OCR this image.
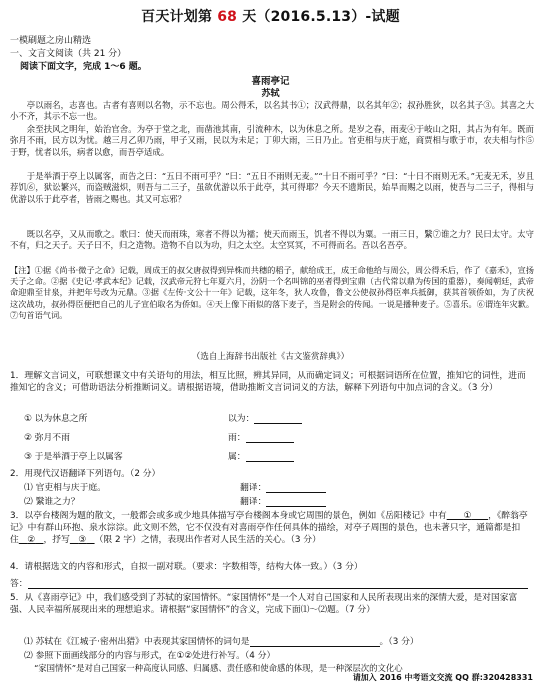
百天计划第 68 天（2016.5.13）-试题
一模刷题之房山精选
一、文言文阅读（共 21 分）
阅读下面文字，完成 1～6 题。
喜雨亭记
苏轼
亭以雨名，志喜也。古者有喜则以名物，示不忘也。周公得禾，以名其书①；汉武得鼎，以名其年②；叔孙胜狄，以名其子③。其喜之大小不齐，其示不忘一也。
余至扶风之明年，始治官舍。为亭于堂之北，而凿池其南，引流种木，以为休息之所。是岁之春，雨麦④于岐山之阳，其占为有年。既而弥月不雨，民方以为忧。越三月乙卯乃雨，甲子又雨，民以为未足；丁卯大雨，三日乃止。官吏相与庆于庭，商贾相与歌于市，农夫相与忭⑤于野，忧者以乐，病者以愈，而吾亭适成。
于是举酒于亭上以属客，而告之曰：“五日不雨可乎？”曰：“五日不雨则无麦。”“十日不雨可乎？”曰：“十日不雨则无禾。”无麦无禾，岁且荐饥⑥，狱讼繁兴，而盗贼滋炽，则吾与二三子，虽欲优游以乐于此亭，其可得耶？今天不遗斯民，始旱而赐之以雨，使吾与二三子，得相与优游以乐于此亭者，皆雨之赐也。其又可忘邪？
既以名亭，又从而歌之。歌曰：使天而雨珠，寒者不得以为襦；使天而雨玉，饥者不得以为粟。一雨三日，繄⑦谁之力？民曰太守。太守不有，归之天子。天子曰不，归之造物。造物不自以为功，归之太空。太空冥冥，不可得而名。吾以名吾亭。
【注】①据《尚书·微子之命》记载，周成王的叔父唐叔得到异株而共穗的稻子，献给成王，成王命他给与周公，周公得禾后，作了《嘉禾》，宣扬天子之命。②据《史记·孝武本纪》记载，汉武帝元狩七年夏六月，汾阴一个名叫锦的巫者得到宝鼎（古代常以鼎为传国的重器），奏闻朝廷，武帝命迎鼎至甘泉，并把年号改为元鼎。③据《左传·文公十一年》记载，这年冬，狄人攻鲁，鲁文公使叔孙得臣率兵抵御，获其首领侨如，为了庆祝这次战功，叔孙得臣便把自己的儿子宣伯取名为侨如。④天上像下雨似的落下麦子，当是附会的传闻。一说是播种麦子。⑤喜乐。⑥谓连年灾歉。⑦句首语气词。
（选自上海辞书出版社《古文鉴赏辞典》）
1．理解文言词义，可联想课文中有关语句的用法，相互比照，辨其异同，从而确定词义；可根据词语所在位置，推知它的词性，进而推知它的含义；可借助语法分析推断词义。请根据语境，借助推断文言词词义的方法，解释下列语句中加点词的含义。（3 分）
① 以为休息之所	以为：
② 弥月不雨	雨：
③ 于是举酒于亭上以属客	属：
2．用现代汉语翻译下列语句。（2 分）
⑴ 官吏相与庆于庭。	翻译：
⑵ 繄谁之力？	翻译：
3．以亭台楼阁为题的散文，一般都会或多或少地具体描写亭台楼阁本身或它周围的景色，例如《岳阳楼记》中有 ① ，《醉翁亭记》中有群山环抱、泉水淙淙。此文则不然，它不仅没有对喜雨亭作任何具体的描绘，对亭子周围的景色，也未著只字，通篇都是扣住 ② ，抒写 ③ （限 2 字）之情，表现出作者对人民生活的关心。（3 分）
4．请根据选文的内容和形式，自拟一副对联。（要求：字数相等，结构大体一致。）（3 分）
答：
5．从《喜雨亭记》中，我们感受到了苏轼的家国情怀。“家国情怀”是一个人对自己国家和人民所表现出来的深情大爱，是对国家富强、人民幸福所展现出来的理想追求。请根据“家国情怀”的含义，完成下面⑴～⑵题。（7 分）
⑴ 苏轼在《江城子·密州出猎》中表现其家国情怀的词句是	。（3 分）
⑵ 参照下面画线部分的内容与形式，在①②处进行补写。（4 分）
“家国情怀”是对自己国家一种高度认同感、归属感、责任感和使命感的体现，是一种深层次的文化心
请加入 2016 中考语文交流 QQ 群:320428331
